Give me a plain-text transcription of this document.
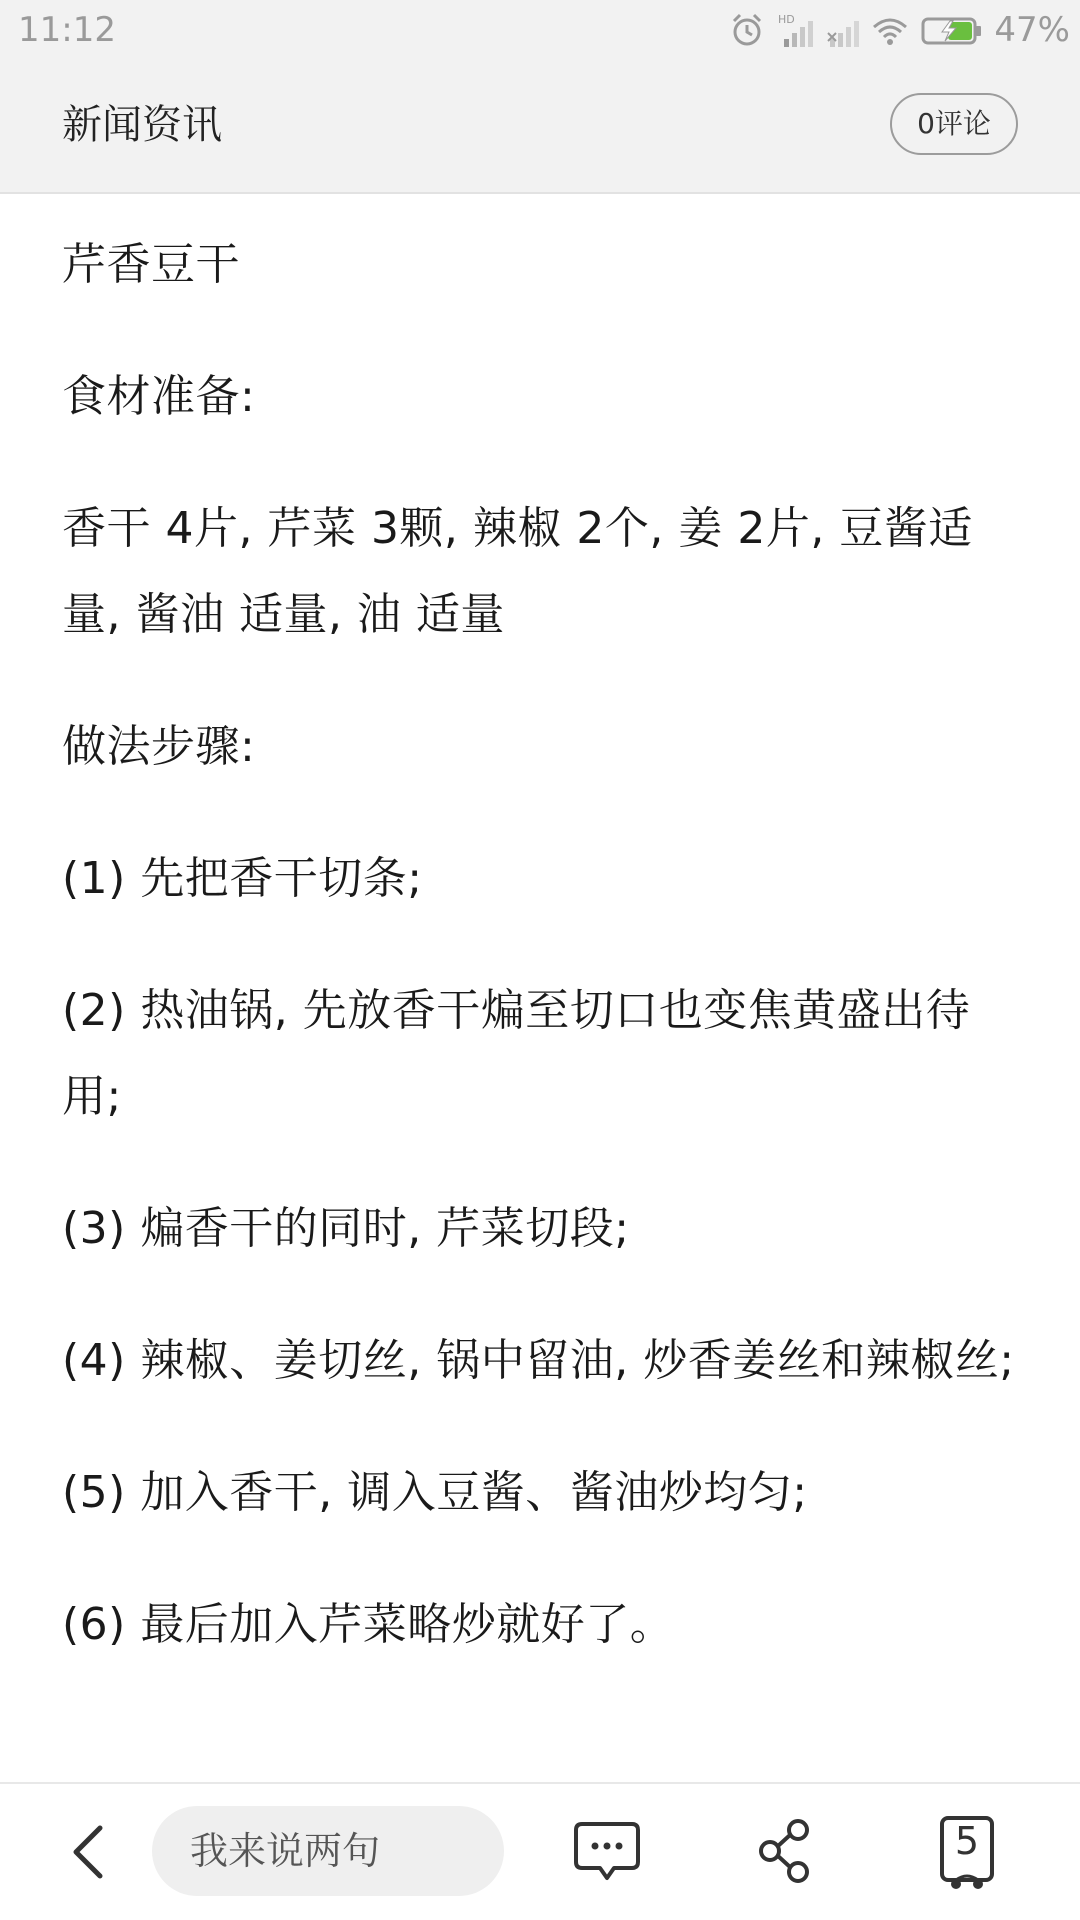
11:12	HD	47%
新闻资讯	0评论

芹香豆干

食材准备:

香干 4片, 芹菜 3颗, 辣椒 2个, 姜 2片, 豆酱适量, 酱油 适量, 油 适量

做法步骤:

(1) 先把香干切条;

(2) 热油锅, 先放香干煸至切口也变焦黄盛出待用;

(3) 煸香干的同时, 芹菜切段;

(4) 辣椒、姜切丝, 锅中留油, 炒香姜丝和辣椒丝;

(5) 加入香干, 调入豆酱、酱油炒均匀;

(6) 最后加入芹菜略炒就好了。

我来说两句	5
